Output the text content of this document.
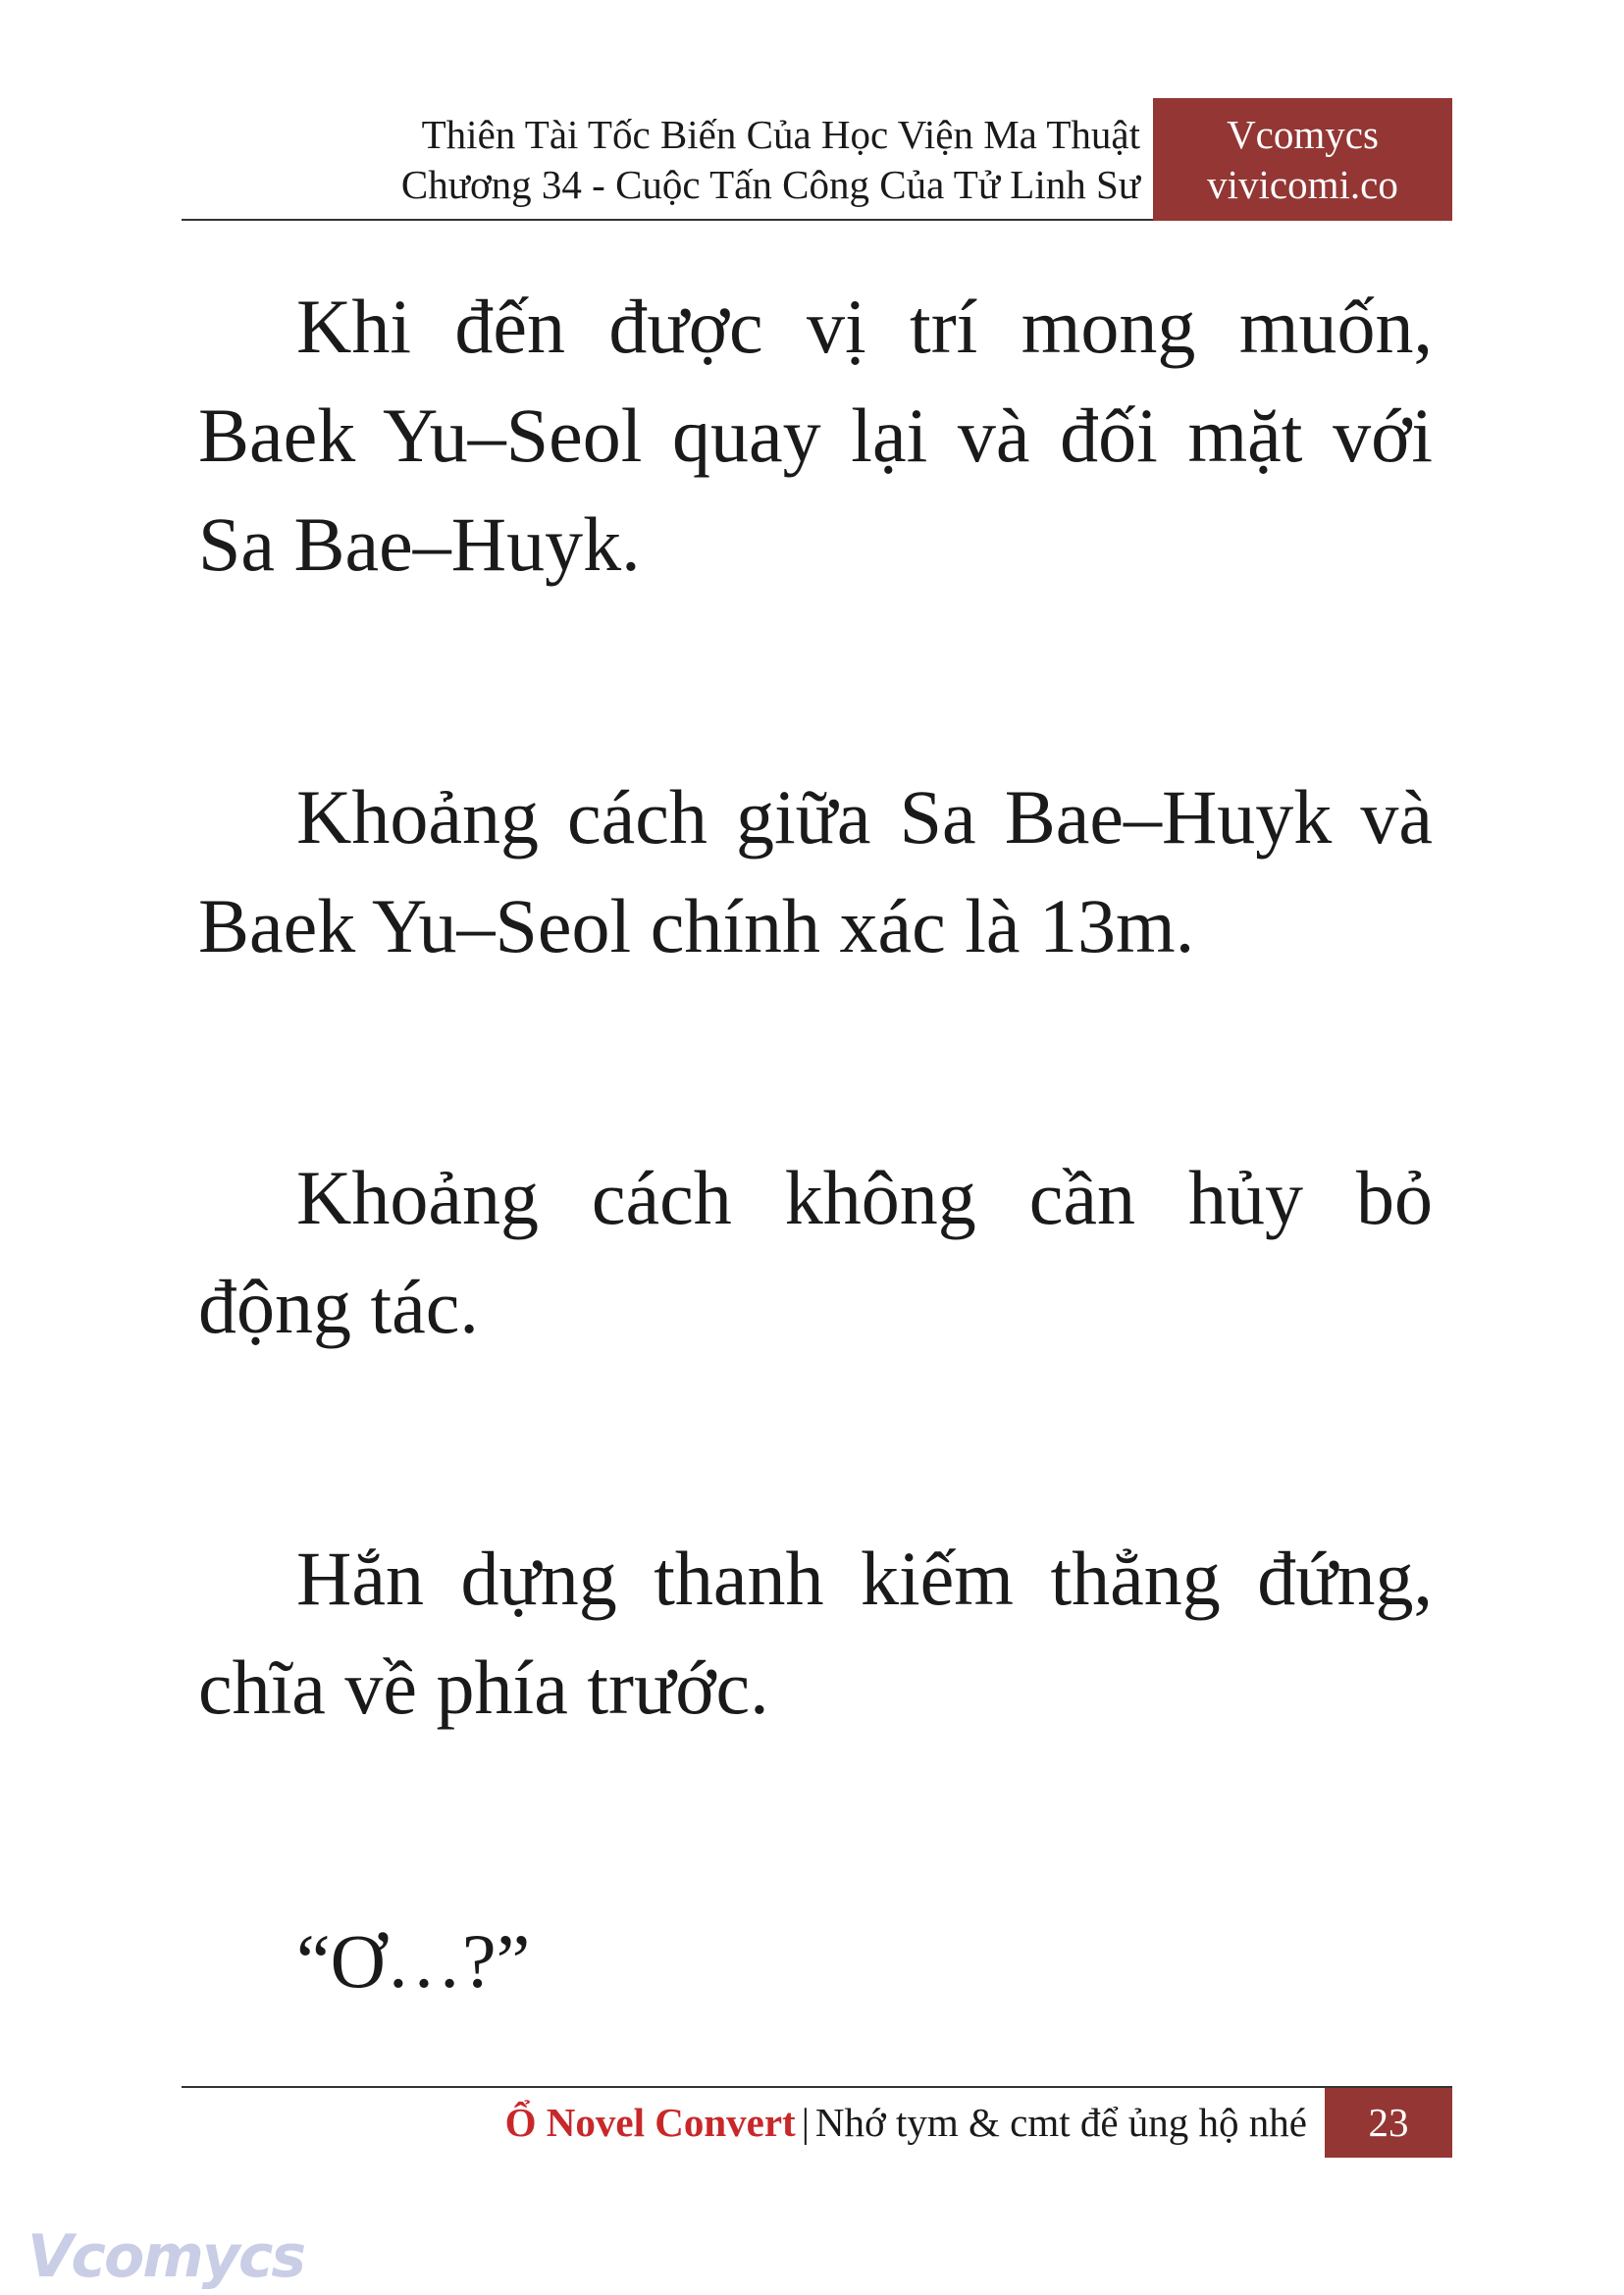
Thiên Tài Tốc Biến Của Học Viện Ma Thuật
Chương 34 - Cuộc Tấn Công Của Tử Linh Sư
Vcomycs
vivicomi.co

Khi đến được vị trí mong muốn, Baek Yu–Seol quay lại và đối mặt với Sa Bae–Huyk.

Khoảng cách giữa Sa Bae–Huyk và Baek Yu–Seol chính xác là 13m.

Khoảng cách không cần hủy bỏ động tác.

Hắn dựng thanh kiếm thẳng đứng, chĩa về phía trước.

“Ơ…?”

Ổ Novel Convert | Nhớ tym & cmt để ủng hộ nhé	23
Vcomycs
